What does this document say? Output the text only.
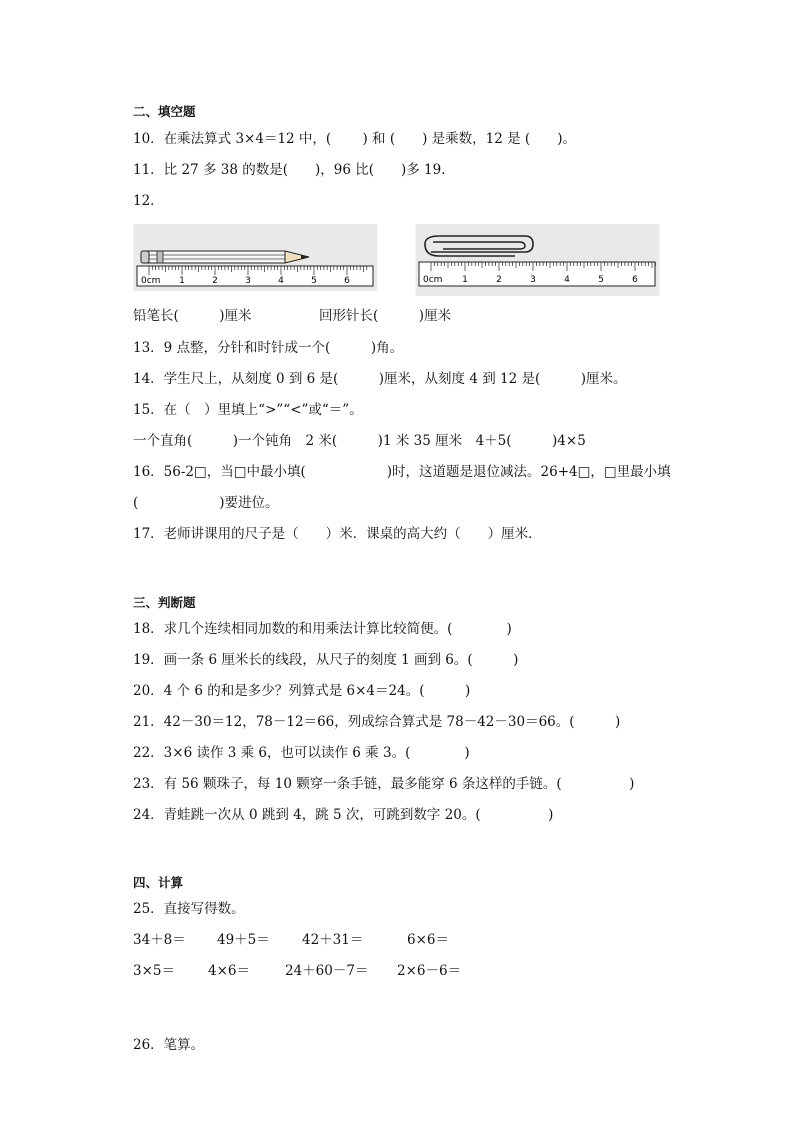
二、填空题
10．在乘法算式 3×4＝12 中，(　　 ) 和 (　　) 是乘数，12 是 (　　)。
11．比 27 多 38 的数是(　　)，96 比(　　)多 19．
12．
0cm 1	2	3	4	5	6	0cm 1	2	3	4	5	6
铅笔长(　　　)厘米　　　　　回形针长(　　　)厘米
13．9 点整，分针和时针成一个(　　　)角。
14．学生尺上，从刻度 0 到 6 是(　　　)厘米，从刻度 4 到 12 是(　　　)厘米。
15．在（　）里填上“>”“<”或“＝”。
一个直角(　　　)一个钝角　2 米(　　　)1 米 35 厘米　4＋5(　　　)4×5
16．56-2□，当□中最小填(　　　　　　)时，这道题是退位减法。26+4□，□里最小填
(　　　　　　)要进位。
17．老师讲课用的尺子是（　　）米．课桌的高大约（　　）厘米．
三、判断题
18．求几个连续相同加数的和用乘法计算比较简便。(　　　　)
19．画一条 6 厘米长的线段，从尺子的刻度 1 画到 6。(　　　)
20．4 个 6 的和是多少？列算式是 6×4＝24。(　　　)
21．42－30＝12，78－12＝66，列成综合算式是 78－42－30＝66。(　　　)
22．3×6 读作 3 乘 6，也可以读作 6 乘 3。(　　　　)
23．有 56 颗珠子，每 10 颗穿一条手链，最多能穿 6 条这样的手链。(　　　　　)
24．青蛙跳一次从 0 跳到 4，跳 5 次，可跳到数字 20。(　　　　　)
四、计算
25．直接写得数。
34＋8＝ 49＋5＝ 42＋31＝	6×6＝
3×5＝ 4×6＝	24＋60－7＝ 2×6－6＝
26．笔算。
